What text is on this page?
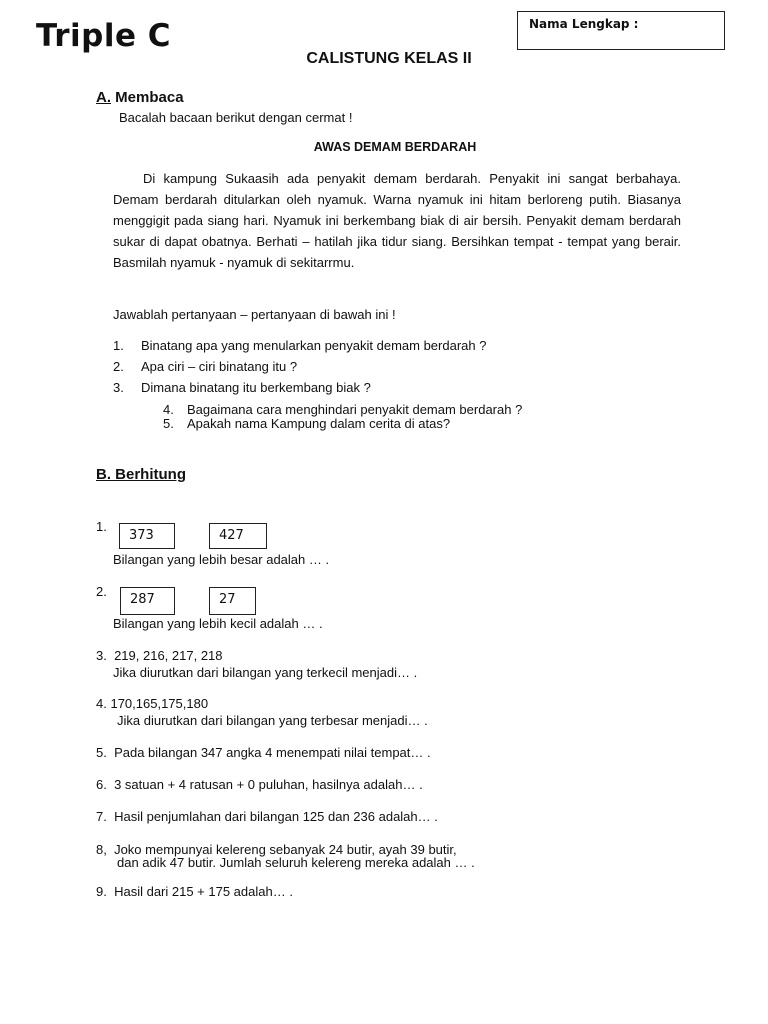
Triple C	Nama Lengkap :
CALISTUNG KELAS II
A. Membaca
Bacalah bacaan berikut dengan cermat !
AWAS DEMAM BERDARAH

Di kampung Sukaasih ada penyakit demam berdarah. Penyakit ini sangat berbahaya. Demam berdarah ditularkan oleh nyamuk. Warna nyamuk ini hitam berloreng putih. Biasanya menggigit pada siang hari. Nyamuk ini berkembang biak di air bersih. Penyakit demam berdarah sukar di dapat obatnya. Berhati – hatilah jika tidur siang. Bersihkan tempat - tempat yang berair. Basmilah nyamuk - nyamuk di sekitarrmu.

Jawablah pertanyaan – pertanyaan di bawah ini !
1. Binatang apa yang menularkan penyakit demam berdarah ?
2. Apa ciri – ciri binatang itu ?
3. Dimana binatang itu berkembang biak ?
4. Bagaimana cara menghindari penyakit demam berdarah ?
5. Apakah nama Kampung dalam cerita di atas?
B. Berhitung
1.
373	427
Bilangan yang lebih besar adalah … .
2.
287	27
Bilangan yang lebih kecil adalah … .
3. 219, 216, 217, 218
Jika diurutkan dari bilangan yang terkecil menjadi… .
4. 170,165,175,180
Jika diurutkan dari bilangan yang terbesar menjadi… .
5. Pada bilangan 347 angka 4 menempati nilai tempat… .
6. 3 satuan + 4 ratusan + 0 puluhan, hasilnya adalah… .
7. Hasil penjumlahan dari bilangan 125 dan 236 adalah… .
8, Joko mempunyai kelereng sebanyak 24 butir, ayah 39 butir,
dan adik 47 butir. Jumlah seluruh kelereng mereka adalah … .
9. Hasil dari 215 + 175 adalah… .
